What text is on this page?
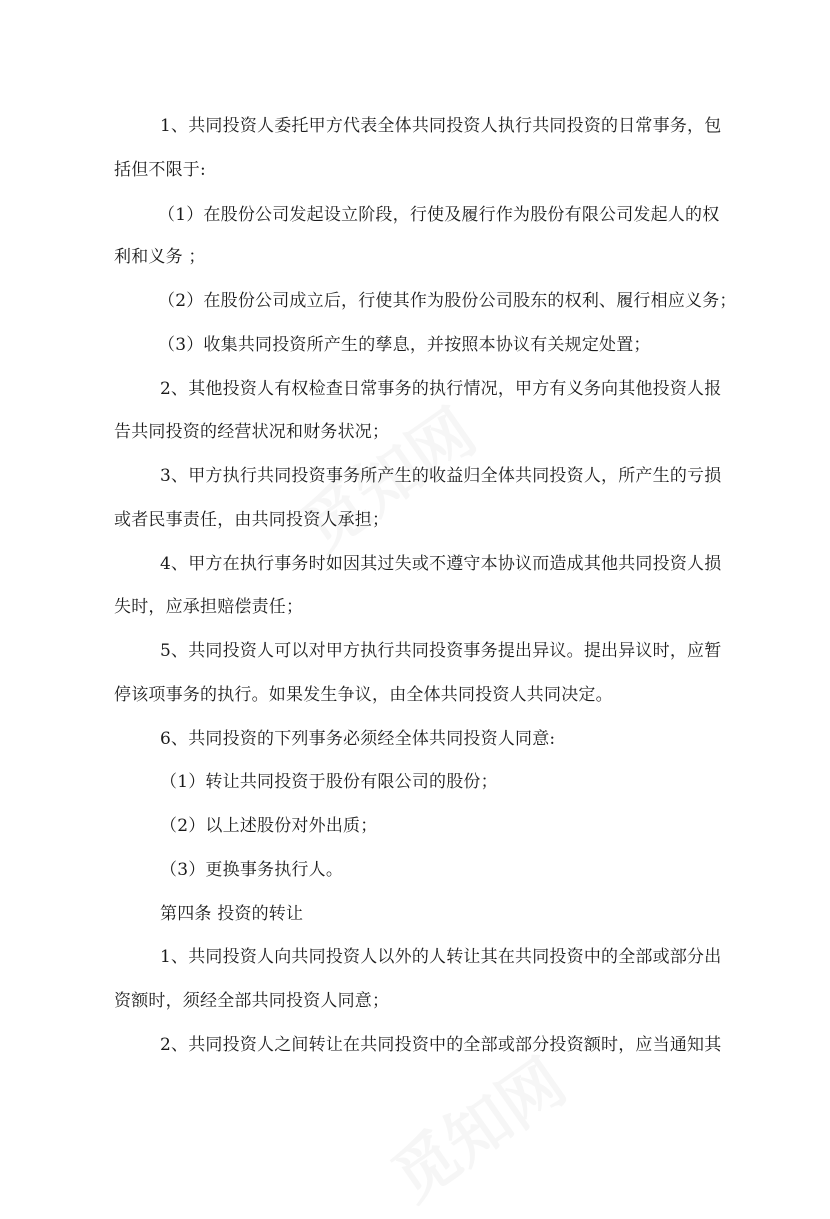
1、共同投资人委托甲方代表全体共同投资人执行共同投资的日常事务，包
括但不限于:
（1）在股份公司发起设立阶段，行使及履行作为股份有限公司发起人的权
利和义务 ；
（2）在股份公司成立后，行使其作为股份公司股东的权利、履行相应义务；
（3）收集共同投资所产生的孳息，并按照本协议有关规定处置；
2、其他投资人有权检查日常事务的执行情况，甲方有义务向其他投资人报
告共同投资的经营状况和财务状况；
3、甲方执行共同投资事务所产生的收益归全体共同投资人，所产生的亏损
或者民事责任，由共同投资人承担；
4、甲方在执行事务时如因其过失或不遵守本协议而造成其他共同投资人损
失时，应承担赔偿责任；
5、共同投资人可以对甲方执行共同投资事务提出异议。提出异议时，应暂
停该项事务的执行。如果发生争议，由全体共同投资人共同决定。
6、共同投资的下列事务必须经全体共同投资人同意:
（1）转让共同投资于股份有限公司的股份；
（2）以上述股份对外出质；
（3）更换事务执行人。
第四条 投资的转让
1、共同投资人向共同投资人以外的人转让其在共同投资中的全部或部分出
资额时，须经全部共同投资人同意；
2、共同投资人之间转让在共同投资中的全部或部分投资额时，应当通知其
